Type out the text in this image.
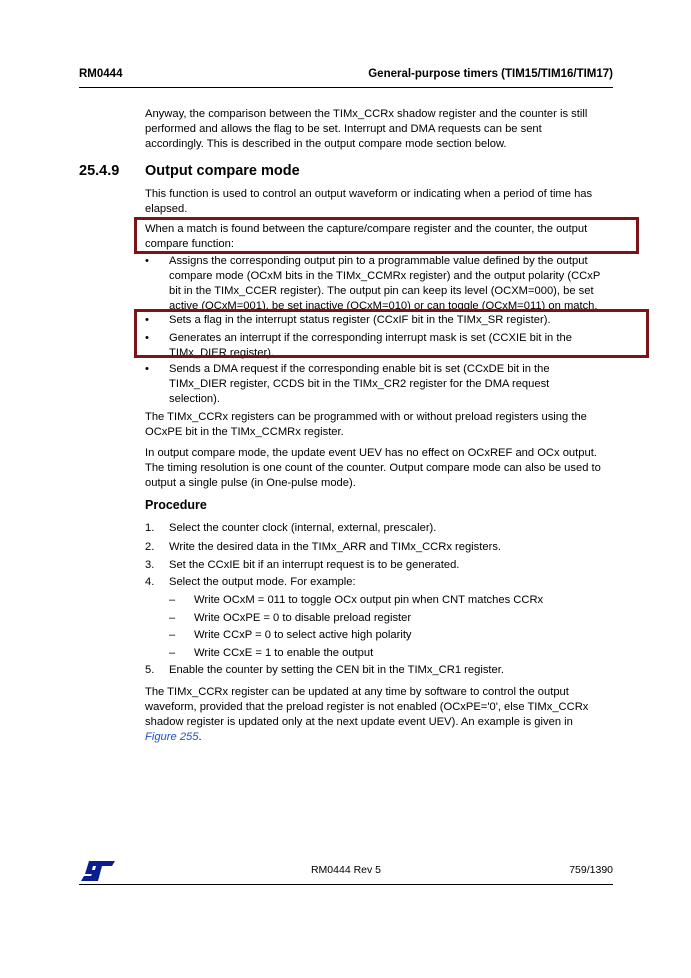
RM0444	General-purpose timers (TIM15/TIM16/TIM17)
Anyway, the comparison between the TIMx_CCRx shadow register and the counter is still
performed and allows the flag to be set. Interrupt and DMA requests can be sent
accordingly. This is described in the output compare mode section below.
25.4.9 Output compare mode
This function is used to control an output waveform or indicating when a period of time has
elapsed.
When a match is found between the capture/compare register and the counter, the output
compare function:
• Assigns the corresponding output pin to a programmable value defined by the output
compare mode (OCxM bits in the TIMx_CCMRx register) and the output polarity (CCxP
bit in the TIMx_CCER register). The output pin can keep its level (OCXM=000), be set
active (OCxM=001), be set inactive (OCxM=010) or can toggle (OCxM=011) on match.
• Sets a flag in the interrupt status register (CCxIF bit in the TIMx_SR register).
• Generates an interrupt if the corresponding interrupt mask is set (CCXIE bit in the
TIMx_DIER register).
• Sends a DMA request if the corresponding enable bit is set (CCxDE bit in the
TIMx_DIER register, CCDS bit in the TIMx_CR2 register for the DMA request
selection).
The TIMx_CCRx registers can be programmed with or without preload registers using the
OCxPE bit in the TIMx_CCMRx register.
In output compare mode, the update event UEV has no effect on OCxREF and OCx output.
The timing resolution is one count of the counter. Output compare mode can also be used to
output a single pulse (in One-pulse mode).
Procedure
1. Select the counter clock (internal, external, prescaler).
2. Write the desired data in the TIMx_ARR and TIMx_CCRx registers.
3. Set the CCxIE bit if an interrupt request is to be generated.
4. Select the output mode. For example:
– Write OCxM = 011 to toggle OCx output pin when CNT matches CCRx
– Write OCxPE = 0 to disable preload register
– Write CCxP = 0 to select active high polarity
– Write CCxE = 1 to enable the output
5. Enable the counter by setting the CEN bit in the TIMx_CR1 register.
The TIMx_CCRx register can be updated at any time by software to control the output
waveform, provided that the preload register is not enabled (OCxPE='0', else TIMx_CCRx
shadow register is updated only at the next update event UEV). An example is given in
Figure 255.
RM0444 Rev 5	759/1390
